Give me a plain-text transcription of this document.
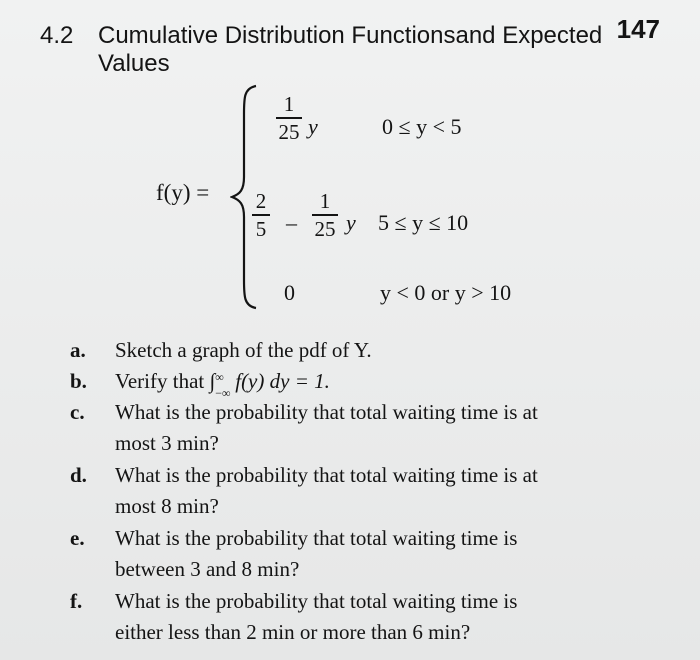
4.2 Cumulative Distribution Functionsand Expected Values
147
f(y) =
1
25 y	0 ≤ y < 5
2
5 –
1
25 y 5 ≤ y ≤ 10
0	y < 0 or y > 10
a. Sketch a graph of the pdf of Y.
b. Verify that ∫ ∞
−∞ f(y) dy = 1.
c. What is the probability that total waiting time is at
most 3 min?
d. What is the probability that total waiting time is at
most 8 min?
e. What is the probability that total waiting time is
between 3 and 8 min?
f. What is the probability that total waiting time is
either less than 2 min or more than 6 min?
